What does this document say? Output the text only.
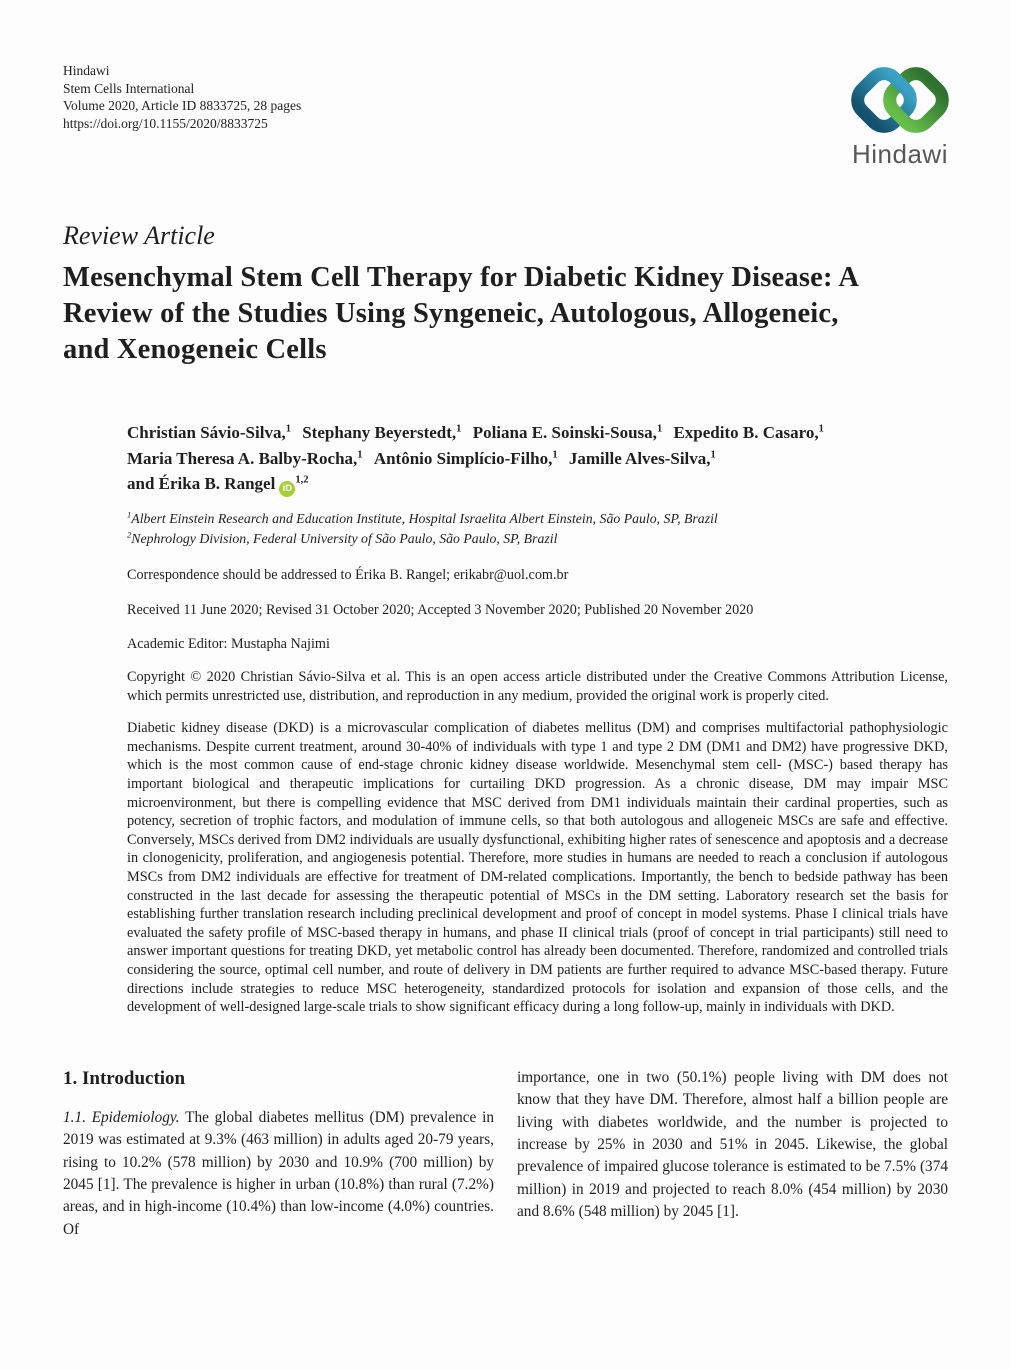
Hindawi
Stem Cells International
Volume 2020, Article ID 8833725, 28 pages
https://doi.org/10.1155/2020/8833725
Hindawi
Review Article
Mesenchymal Stem Cell Therapy for Diabetic Kidney Disease: A
Review of the Studies Using Syngeneic, Autologous, Allogeneic,
and Xenogeneic Cells
Christian Sávio-Silva,$^1$ Stephany Beyerstedt,$^1$ Poliana E. Soinski-Sousa,$^1$ Expedito B. Casaro,$^1$
Maria Theresa A. Balby-Rocha,$^1$ Antônio Simplício-Filho,$^1$ Jamille Alves-Silva,$^1$
and Érika B. Rangel iD$^{1,2}$
$^1$Albert Einstein Research and Education Institute, Hospital Israelita Albert Einstein, São Paulo, SP, Brazil
$^2$Nephrology Division, Federal University of São Paulo, São Paulo, SP, Brazil
Correspondence should be addressed to Érika B. Rangel; erikabr@uol.com.br
Received 11 June 2020; Revised 31 October 2020; Accepted 3 November 2020; Published 20 November 2020
Academic Editor: Mustapha Najimi
Copyright © 2020 Christian Sávio-Silva et al. This is an open access article distributed under the Creative Commons Attribution License, which permits unrestricted use, distribution, and reproduction in any medium, provided the original work is properly cited.
Diabetic kidney disease (DKD) is a microvascular complication of diabetes mellitus (DM) and comprises multifactorial pathophysiologic mechanisms. Despite current treatment, around 30-40% of individuals with type 1 and type 2 DM (DM1 and DM2) have progressive DKD, which is the most common cause of end-stage chronic kidney disease worldwide. Mesenchymal stem cell- (MSC-) based therapy has important biological and therapeutic implications for curtailing DKD progression. As a chronic disease, DM may impair MSC microenvironment, but there is compelling evidence that MSC derived from DM1 individuals maintain their cardinal properties, such as potency, secretion of trophic factors, and modulation of immune cells, so that both autologous and allogeneic MSCs are safe and effective. Conversely, MSCs derived from DM2 individuals are usually dysfunctional, exhibiting higher rates of senescence and apoptosis and a decrease in clonogenicity, proliferation, and angiogenesis potential. Therefore, more studies in humans are needed to reach a conclusion if autologous MSCs from DM2 individuals are effective for treatment of DM-related complications. Importantly, the bench to bedside pathway has been constructed in the last decade for assessing the therapeutic potential of MSCs in the DM setting. Laboratory research set the basis for establishing further translation research including preclinical development and proof of concept in model systems. Phase I clinical trials have evaluated the safety profile of MSC-based therapy in humans, and phase II clinical trials (proof of concept in trial participants) still need to answer important questions for treating DKD, yet metabolic control has already been documented. Therefore, randomized and controlled trials considering the source, optimal cell number, and route of delivery in DM patients are further required to advance MSC-based therapy. Future directions include strategies to reduce MSC heterogeneity, standardized protocols for isolation and expansion of those cells, and the development of well-designed large-scale trials to show significant efficacy during a long follow-up, mainly in individuals with DKD.
1. Introduction

1.1. Epidemiology. The global diabetes mellitus (DM) prevalence in 2019 was estimated at 9.3% (463 million) in adults aged 20-79 years, rising to 10.2% (578 million) by 2030 and 10.9% (700 million) by 2045 [1]. The prevalence is higher in urban (10.8%) than rural (7.2%) areas, and in high-income (10.4%) than low-income (4.0%) countries. Of

importance, one in two (50.1%) people living with DM does not know that they have DM. Therefore, almost half a billion people are living with diabetes worldwide, and the number is projected to increase by 25% in 2030 and 51% in 2045. Likewise, the global prevalence of impaired glucose tolerance is estimated to be 7.5% (374 million) in 2019 and projected to reach 8.0% (454 million) by 2030 and 8.6% (548 million) by 2045 [1].
